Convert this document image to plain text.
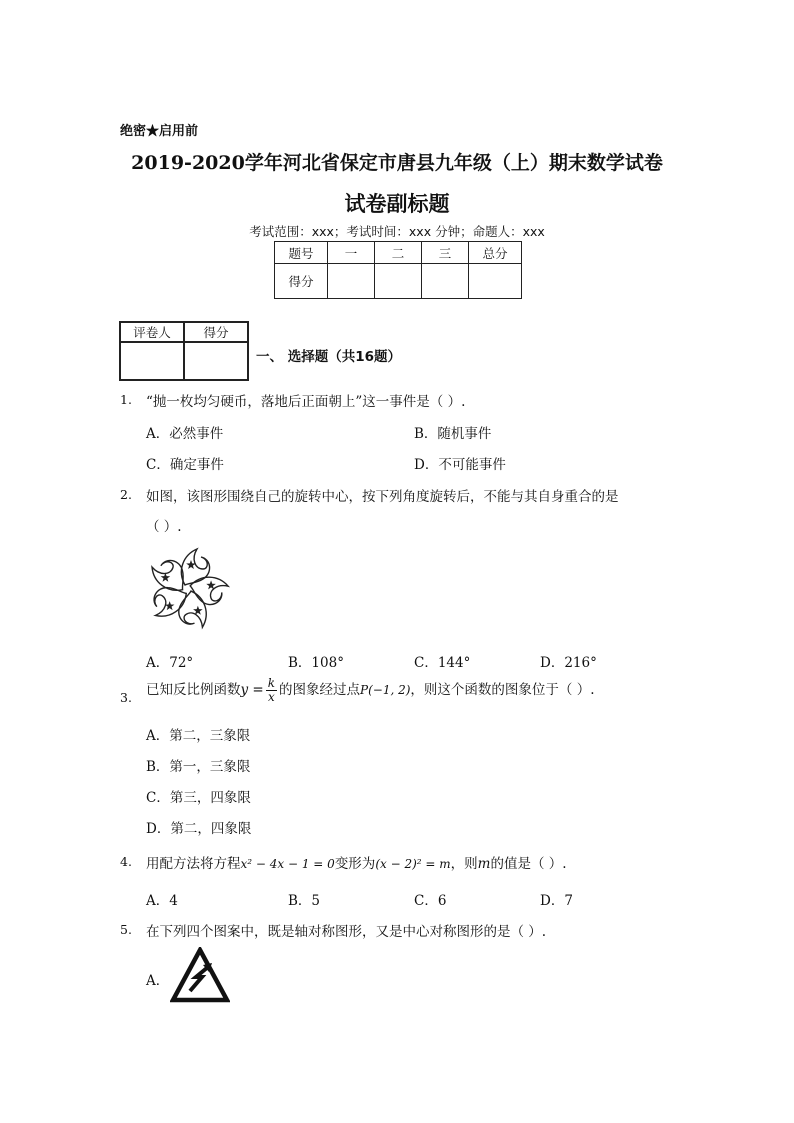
绝密★启用前
2019-2020学年河北省保定市唐县九年级（上）期末数学试卷
试卷副标题
考试范围：xxx；考试时间：xxx 分钟；命题人：xxx
题号	一	二	三	总分
得分				
评卷人	得分

一、 选择题（共16题）
1. “抛一枚均匀硬币，落地后正面朝上”这一事件是（ ）.
A．必然事件	B．随机事件
C．确定事件	D．不可能事件
2. 如图，该图形围绕自己的旋转中心，按下列角度旋转后，不能与其自身重合的是
（ ）.
A．72°	B．108°	C．144°	D．216°
3. 已知反比例函数$y = \frac{k}{x}$ 的图象经过点P(−1, 2)，则这个函数的图象位于（ ）.
A．第二，三象限
B．第一，三象限
C．第三，四象限
D．第二，四象限
4. 用配方法将方程x² − 4x − 1 = 0变形为(x − 2)² = m，则m的值是（ ）.
A．4	B．5	C．6	D．7
5. 在下列四个图案中，既是轴对称图形，又是中心对称图形的是（ ）.
A．
